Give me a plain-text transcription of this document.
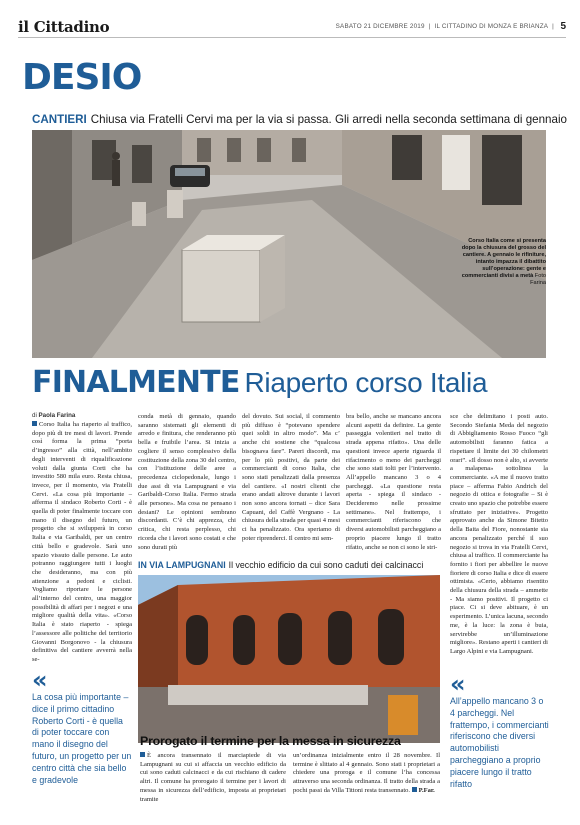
il Cittadino	SABATO 21 DICEMBRE 2019 | IL CITTADINO DI MONZA E BRIANZA | 5
DESIO
CANTIERI Chiusa via Fratelli Cervi ma per la via si passa. Gli arredi nella seconda settimana di gennaio
Corso Italia come si presenta dopo la chiusura del grosso del cantiere. A gennaio le rifiniture, intanto impazza il dibattito sull’operazione: gente e commercianti divisi a metà Foto Farina
FINALMENTE Riaperto corso Italia
di Paola Farina
Corso Italia ha riaperto al traffico, dopo più di tre mesi di lavori. Prende così forma la prima “porta d’ingresso” alla città, nell’ambito degli interventi di riqualificazione voluti dalla giunta Corti che ha investito 580 mila euro. Resta chiusa, invece, per il momento, via Fratelli Cervi. «La cosa più importante – afferma il sindaco Roberto Corti - è quella di poter finalmente toccare con mano il disegno del futuro, un progetto che si svilupperà in corso Italia e via Garibaldi, per un centro città bello e gradevole. Sarà uno spazio vissuto dalle persone. Le auto potranno raggiungere tutti i luoghi che desideranno, ma con più attenzione a pedoni e ciclisti. Vogliamo riportare le persone all’interno del centro, una maggior possibilità di affari per i negozi e una migliore qualità della vita». «Corso Italia è stato riaperto - spiega l’assessore alle politiche del territorio Giovanni Borgonovo - la chiusura definitiva del cantiere avverrà nella se-
conda metà di gennaio, quando saranno sistemati gli elementi di arredo e finitura, che renderanno più bella e fruibile l’area. Si inizia a cogliere il senso complessivo della costituzione della zona 30 del centro, con l’istituzione delle aree a precedenza ciclopedonale, lungo i due assi di via Lampugnani e via Garibaldi-Corso Italia. Fermo strada alle persone». Ma cosa ne pensano i desiani? Le opinioni sembrano discordanti. C’è chi apprezza, chi critica, chi resta perplesso, chi ricorda che i lavori sono costati e che sono durati più
del dovuto. Sui social, il commento più diffuso è “potevano spendere quei soldi in altro modo”. Ma c’ anche chi sostiene che “qualcosa bisognava fare”. Pareri discordi, ma per lo più positivi, da parte dei commercianti di corso Italia, che sono stati penalizzati dalla presenza del cantiere. «I nostri clienti che erano andati altrove durante i lavori non sono ancora tornati – dice Sara Capuani, del Caffè Vergnano - La chiusura della strada per quasi 4 mesi ci ha penalizzato. Ora speriamo di poter riprenderci. Il centro mi sem-
bra bello, anche se mancano ancora alcuni aspetti da definire. La gente passeggia volentieri nel tratto di strada appena rifatto». Una delle questioni invece aperte riguarda il rifacimento o meno dei parcheggi che sono stati tolti per l’intervento. All’appello mancano 3 o 4 parcheggi. «La questione resta aperta - spiega il sindaco - Decideremo nelle prossime settimane». Nel frattempo, i commercianti riferiscono che diversi automobilisti parcheggiano a proprio piacere lungo il tratto rifatto, anche se non ci sono le stri-
sce che delimitano i posti auto. Secondo Stefania Meda del negozio di Abbigliamento Rosso Fuoco “gli automobilisti faranno fatica a rispettare il limite dei 30 chilometri orari”. «Il dosso non è alto, si avverte a malapena» sottolinea la commerciante. «A me il nuovo tratto piace – afferma Fabio Andrich del negozio di ottica e fotografie – Si è creato uno spazio che potrebbe essere sfruttato per iniziative». Progetto approvato anche da Simone Bitetto della Baita del Fiore, nonostante sia ancora penalizzato perché il suo negozio si trova in via Fratelli Cervi, chiusa al traffico. Il commerciante ha fornito i fiori per abbellire le nuove fioriere di corso Italia e dice di essere ottimista. «Certo, abbiamo risentito della chiusura della strada – ammette - Ma siamo positivi. Il progetto ci piace. Ci si deve abituare, è un esperimento. L’unica lacuna, secondo me, è la luce: la zona è buia, servirebbe un’illuminazione migliore». Restano aperti i cantieri di Largo Alpini e via Lampugnani.
«
La cosa più importante – dice il primo cittadino Roberto Corti - è quella di poter toccare con mano il disegno del futuro, un progetto per un centro città che sia bello e gradevole
«
All’appello mancano 3 o 4 parcheggi. Nel frattempo, i commercianti riferiscono che diversi automobilisti parcheggiano a proprio piacere lungo il tratto rifatto
IN VIA LAMPUGNANI Il vecchio edificio da cui sono caduti dei calcinacci
Prorogato il termine per la messa in sicurezza
È ancora transennato il marciapiede di via Lampugnani su cui si affaccia un vecchio edificio da cui sono caduti calcinacci e da cui rischiano di cadere altri. Il comune ha prorogato il termine per i lavori di messa in sicurezza dell’edificio, imposta ai proprietari tramite
un’ordinanza inizialmente entro il 28 novembre. Il termine è slittato al 4 gennaio. Sono stati i proprietari a chiedere una proroga e il comune l’ha concessa attraverso una seconda ordinanza. Il tratto della strada a pochi passi da Villa Tittoni resta transennato. P.Far.
